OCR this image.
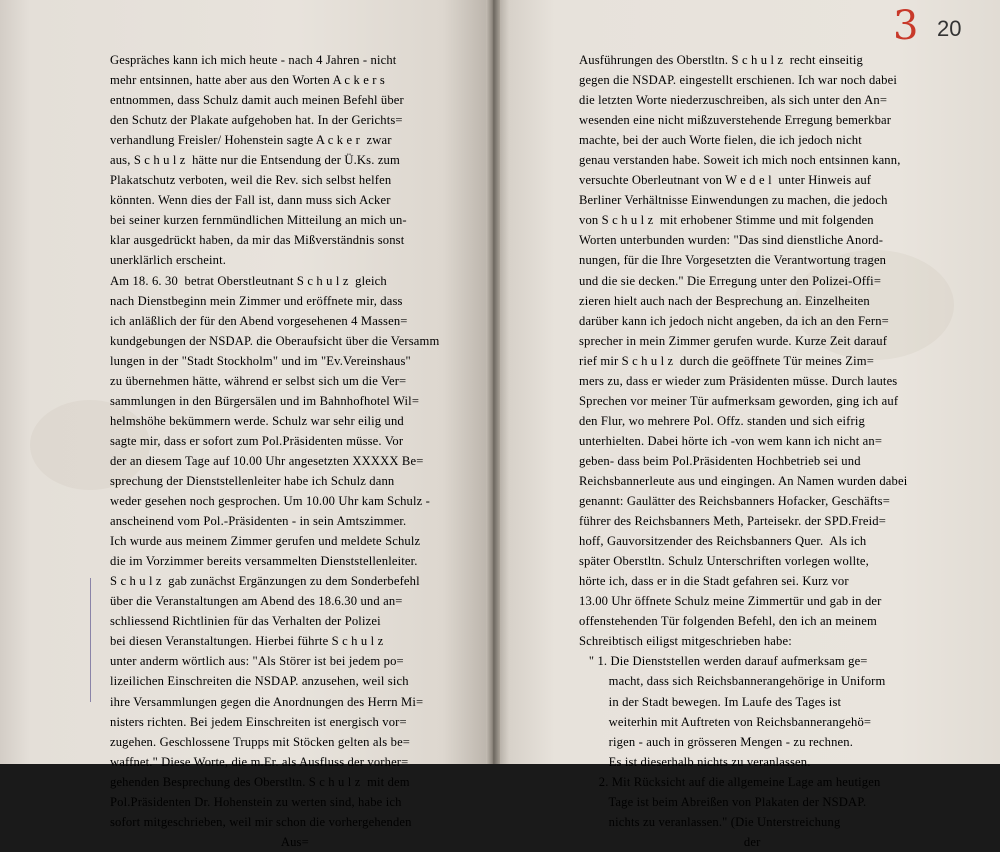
Gespräches kann ich mich heute - nach 4 Jahren - nicht
mehr entsinnen, hatte aber aus den Worten A c k e r s
entnommen, dass Schulz damit auch meinen Befehl über
den Schutz der Plakate aufgehoben hat. In der Gerichts=
verhandlung Freisler/ Hohenstein sagte A c k e r  zwar
aus, S c h u l z  hätte nur die Entsendung der Ü.Ks. zum
Plakatschutz verboten, weil die Rev. sich selbst helfen
könnten. Wenn dies der Fall ist, dann muss sich Acker
bei seiner kurzen fernmündlichen Mitteilung an mich un-
klar ausgedrückt haben, da mir das Mißverständnis sonst
unerklärlich erscheint.
Am 18. 6. 30  betrat Oberstleutnant S c h u l z  gleich
nach Dienstbeginn mein Zimmer und eröffnete mir, dass
ich anläßlich der für den Abend vorgesehenen 4 Massen=
kundgebungen der NSDAP. die Oberaufsicht über die Versamm
lungen in der "Stadt Stockholm" und im "Ev.Vereinshaus"
zu übernehmen hätte, während er selbst sich um die Ver=
sammlungen in den Bürgersälen und im Bahnhofhotel Wil=
helmshöhe bekümmern werde. Schulz war sehr eilig und
sagte mir, dass er sofort zum Pol.Präsidenten müsse. Vor
der an diesem Tage auf 10.00 Uhr angesetzten XXXXX Be=
sprechung der Dienststellenleiter habe ich Schulz dann
weder gesehen noch gesprochen. Um 10.00 Uhr kam Schulz -
anscheinend vom Pol.-Präsidenten - in sein Amtszimmer.
Ich wurde aus meinem Zimmer gerufen und meldete Schulz
die im Vorzimmer bereits versammelten Dienststellenleiter.
S c h u l z  gab zunächst Ergänzungen zu dem Sonderbefehl
über die Veranstaltungen am Abend des 18.6.30 und an=
schliessend Richtlinien für das Verhalten der Polizei
bei diesen Veranstaltungen. Hierbei führte S c h u l z
unter anderm wörtlich aus: "Als Störer ist bei jedem po=
lizeilichen Einschreiten die NSDAP. anzusehen, weil sich
ihre Versammlungen gegen die Anordnungen des Herrn Mi=
nisters richten. Bei jedem Einschreiten ist energisch vor=
zugehen. Geschlossene Trupps mit Stöcken gelten als be=
waffnet." Diese Worte, die m.Er. als Ausfluss der vorher=
gehenden Besprechung des Oberstltn. S c h u l z  mit dem
Pol.Präsidenten Dr. Hohenstein zu werten sind, habe ich
sofort mitgeschrieben, weil mir schon die vorhergehenden
Aus=
Ausführungen des Oberstltn. S c h u l z  recht einseitig
gegen die NSDAP. eingestellt erschienen. Ich war noch dabei
die letzten Worte niederzuschreiben, als sich unter den An=
wesenden eine nicht mißzuverstehende Erregung bemerkbar
machte, bei der auch Worte fielen, die ich jedoch nicht
genau verstanden habe. Soweit ich mich noch entsinnen kann,
versuchte Oberleutnant von W e d e l  unter Hinweis auf
Berliner Verhältnisse Einwendungen zu machen, die jedoch
von S c h u l z  mit erhobener Stimme und mit folgenden
Worten unterbunden wurden: "Das sind dienstliche Anord-
nungen, für die Ihre Vorgesetzten die Verantwortung tragen
und die sie decken." Die Erregung unter den Polizei-Offi=
zieren hielt auch nach der Besprechung an. Einzelheiten
darüber kann ich jedoch nicht angeben, da ich an den Fern=
sprecher in mein Zimmer gerufen wurde. Kurze Zeit darauf
rief mir S c h u l z  durch die geöffnete Tür meines Zim=
mers zu, dass er wieder zum Präsidenten müsse. Durch lautes
Sprechen vor meiner Tür aufmerksam geworden, ging ich auf
den Flur, wo mehrere Pol. Offz. standen und sich eifrig
unterhielten. Dabei hörte ich -von wem kann ich nicht an=
geben- dass beim Pol.Präsidenten Hochbetrieb sei und
Reichsbannerleute aus und eingingen. An Namen wurden dabei
genannt: Gaulätter des Reichsbanners Hofacker, Geschäfts=
führer des Reichsbanners Meth, Parteisekr. der SPD.Freid=
hoff, Gauvorsitzender des Reichsbanners Quer.  Als ich
später Oberstltn. Schulz Unterschriften vorlegen wollte,
hörte ich, dass er in die Stadt gefahren sei. Kurz vor
13.00 Uhr öffnete Schulz meine Zimmertür und gab in der
offenstehenden Tür folgenden Befehl, den ich an meinem
Schreibtisch eiligst mitgeschrieben habe:
" 1. Die Dienststellen werden darauf aufmerksam ge=
macht, dass sich Reichsbannerangehörige in Uniform
in der Stadt bewegen. Im Laufe des Tages ist
weiterhin mit Auftreten von Reichsbannerangehö=
rigen - auch in grösseren Mengen - zu rechnen.
Es ist dieserhalb nichts zu veranlassen.
2. Mit Rücksicht auf die allgemeine Lage am heutigen
Tage ist beim Abreißen von Plakaten der NSDAP.
nichts zu veranlassen." (Die Unterstreichung
der
3 20
